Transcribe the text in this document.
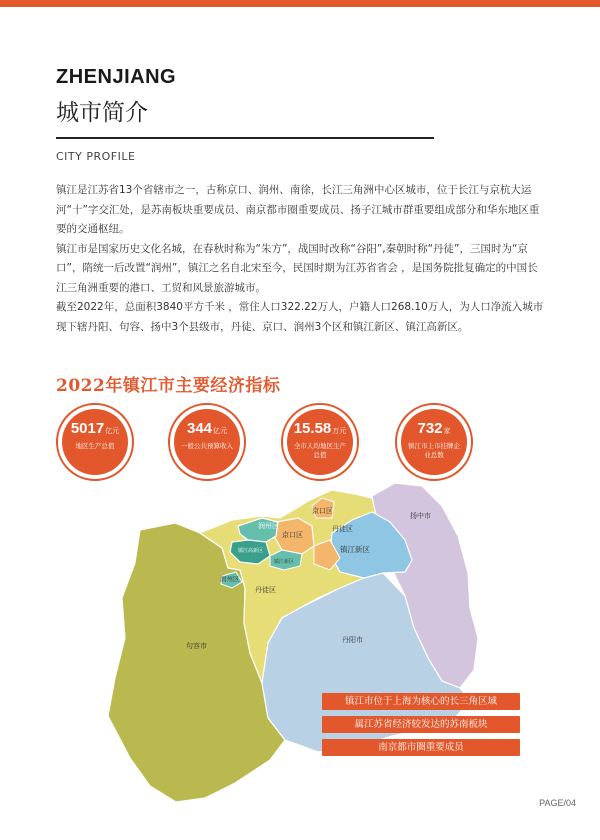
ZHENJIANG
城市简介
CITY PROFILE

镇江是江苏省13个省辖市之一，古称京口、润州、南徐，长江三角洲中心区城市，位于长江与京杭大运河“十”字交汇处，是苏南板块重要成员、南京都市圈重要成员、扬子江城市群重要组成部分和华东地区重要的交通枢纽。

镇江市是国家历史文化名城，在春秋时称为“朱方”，战国时改称“谷阳”,秦朝时称“丹徒”，三国时为“京口”，隋统一后改置“润州”，镇江之名自北宋至今，民国时期为江苏省省会 ，是国务院批复确定的中国长江三角洲重要的港口、工贸和风景旅游城市。

截至2022年，总面积3840平方千米 ，常住人口322.22万人，户籍人口268.10万人，为人口净流入城市现下辖丹阳、句容、扬中3个县级市，丹徒、京口、润州3个区和镇江新区、镇江高新区。

2022年镇江市主要经济指标
5017亿元
地区生产总值
344亿元
一般公共预算收入
15.58万元
全市人均地区生产总值
732家
镇江市上市挂牌企业总数
扬中市
京口区
润州区
京口区
丹徒区
镇江高新区
镇江新区
镇江新区
润州区
丹徒区
句容市
丹阳市
镇江市位于上海为核心的长三角区域
属江苏省经济较发达的苏南板块
南京都市圈重要成员
PAGE/04
